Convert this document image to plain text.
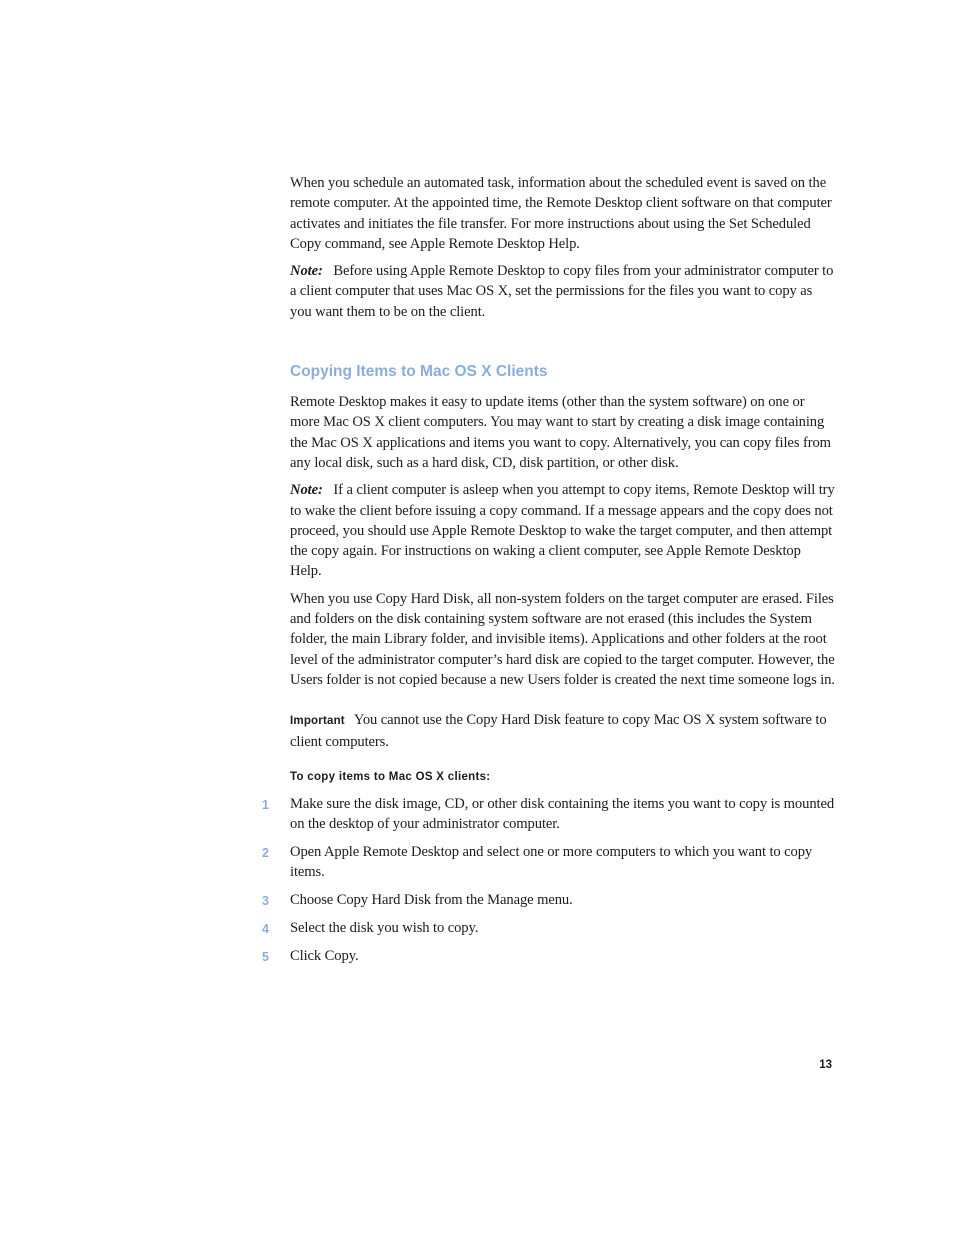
When you schedule an automated task, information about the scheduled event is saved on the remote computer. At the appointed time, the Remote Desktop client software on that computer activates and initiates the file transfer. For more instructions about using the Set Scheduled Copy command, see Apple Remote Desktop Help.

Note: Before using Apple Remote Desktop to copy files from your administrator computer to a client computer that uses Mac OS X, set the permissions for the files you want to copy as you want them to be on the client.

Copying Items to Mac OS X Clients

Remote Desktop makes it easy to update items (other than the system software) on one or more Mac OS X client computers. You may want to start by creating a disk image containing the Mac OS X applications and items you want to copy. Alternatively, you can copy files from any local disk, such as a hard disk, CD, disk partition, or other disk.

Note: If a client computer is asleep when you attempt to copy items, Remote Desktop will try to wake the client before issuing a copy command. If a message appears and the copy does not proceed, you should use Apple Remote Desktop to wake the target computer, and then attempt the copy again. For instructions on waking a client computer, see Apple Remote Desktop Help.

When you use Copy Hard Disk, all non-system folders on the target computer are erased. Files and folders on the disk containing system software are not erased (this includes the System folder, the main Library folder, and invisible items). Applications and other folders at the root level of the administrator computer’s hard disk are copied to the target computer. However, the Users folder is not copied because a new Users folder is created the next time someone logs in.

Important You cannot use the Copy Hard Disk feature to copy Mac OS X system software to client computers.

To copy items to Mac OS X clients:
1 Make sure the disk image, CD, or other disk containing the items you want to copy is mounted on the desktop of your administrator computer.
2 Open Apple Remote Desktop and select one or more computers to which you want to copy items.
3 Choose Copy Hard Disk from the Manage menu.
4 Select the disk you wish to copy.
5 Click Copy.
13
